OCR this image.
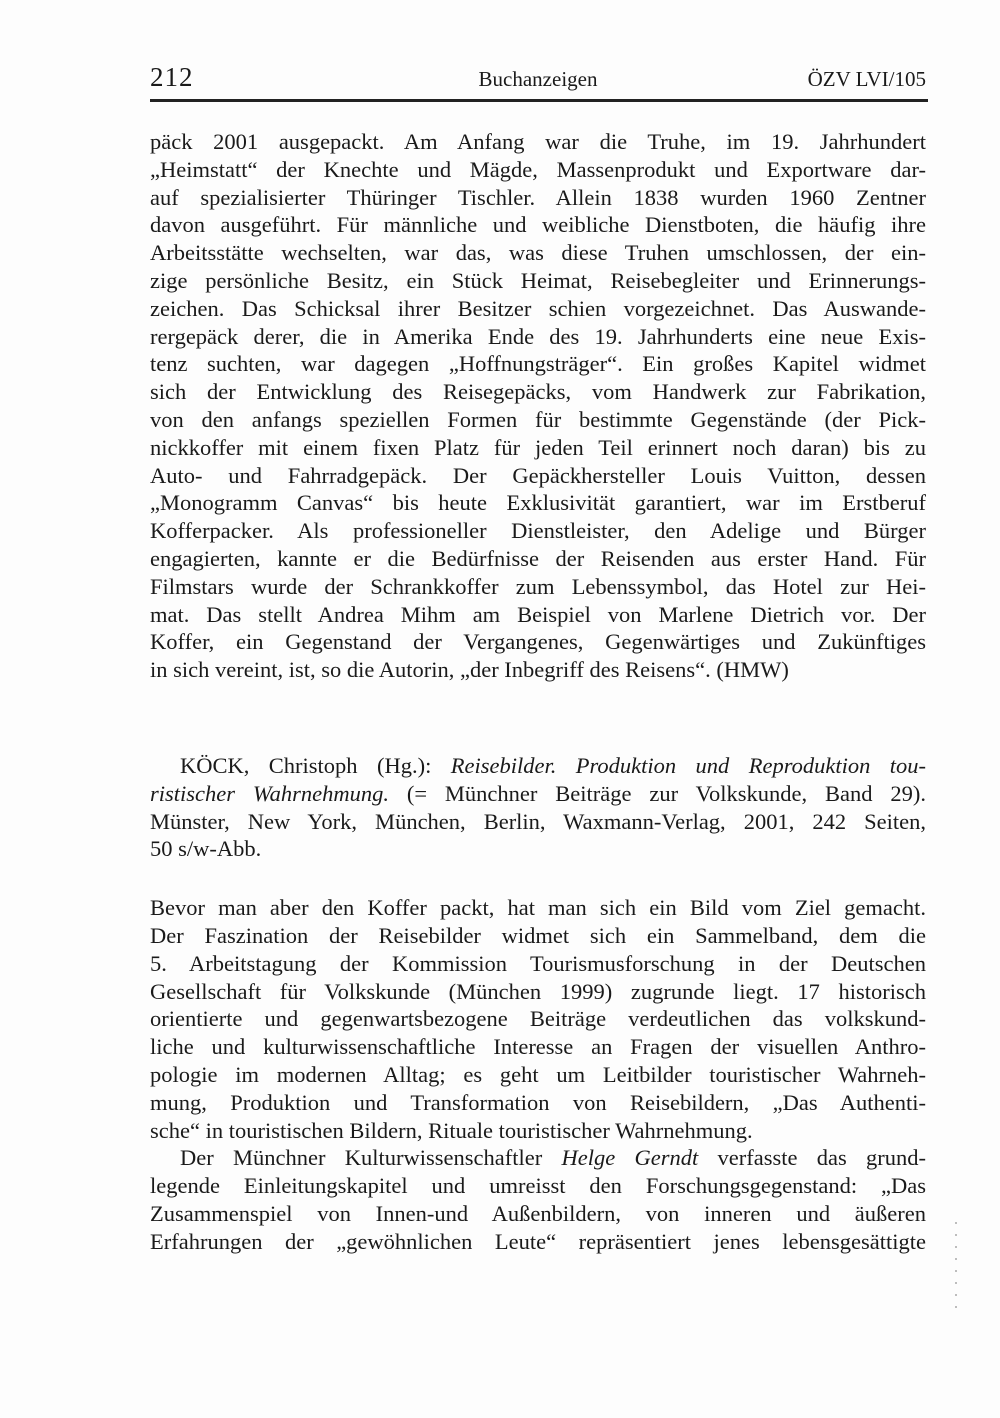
212	Buchanzeigen	ÖZV LVI/105
päck 2001 ausgepackt. Am Anfang war die Truhe, im 19. Jahrhundert
„Heimstatt“ der Knechte und Mägde, Massenprodukt und Exportware dar-
auf spezialisierter Thüringer Tischler. Allein 1838 wurden 1960 Zentner
davon ausgeführt. Für männliche und weibliche Dienstboten, die häufig ihre
Arbeitsstätte wechselten, war das, was diese Truhen umschlossen, der ein-
zige persönliche Besitz, ein Stück Heimat, Reisebegleiter und Erinnerungs-
zeichen. Das Schicksal ihrer Besitzer schien vorgezeichnet. Das Auswande-
rergepäck derer, die in Amerika Ende des 19. Jahrhunderts eine neue Exis-
tenz suchten, war dagegen „Hoffnungsträger“. Ein großes Kapitel widmet
sich der Entwicklung des Reisegepäcks, vom Handwerk zur Fabrikation,
von den anfangs speziellen Formen für bestimmte Gegenstände (der Pick-
nickkoffer mit einem fixen Platz für jeden Teil erinnert noch daran) bis zu
Auto- und Fahrradgepäck. Der Gepäckhersteller Louis Vuitton, dessen
„Monogramm Canvas“ bis heute Exklusivität garantiert, war im Erstberuf
Kofferpacker. Als professioneller Dienstleister, den Adelige und Bürger
engagierten, kannte er die Bedürfnisse der Reisenden aus erster Hand. Für
Filmstars wurde der Schrankkoffer zum Lebenssymbol, das Hotel zur Hei-
mat. Das stellt Andrea Mihm am Beispiel von Marlene Dietrich vor. Der
Koffer, ein Gegenstand der Vergangenes, Gegenwärtiges und Zukünftiges
in sich vereint, ist, so die Autorin, „der Inbegriff des Reisens“. (HMW)
KÖCK, Christoph (Hg.): Reisebilder. Produktion und Reproduktion tou-
ristischer Wahrnehmung. (= Münchner Beiträge zur Volkskunde, Band 29).
Münster, New York, München, Berlin, Waxmann-Verlag, 2001, 242 Seiten,
50 s/w-Abb.
Bevor man aber den Koffer packt, hat man sich ein Bild vom Ziel gemacht.
Der Faszination der Reisebilder widmet sich ein Sammelband, dem die
5. Arbeitstagung der Kommission Tourismusforschung in der Deutschen
Gesellschaft für Volkskunde (München 1999) zugrunde liegt. 17 historisch
orientierte und gegenwartsbezogene Beiträge verdeutlichen das volkskund-
liche und kulturwissenschaftliche Interesse an Fragen der visuellen Anthro-
pologie im modernen Alltag; es geht um Leitbilder touristischer Wahrneh-
mung, Produktion und Transformation von Reisebildern, „Das Authenti-
sche“ in touristischen Bildern, Rituale touristischer Wahrnehmung.
Der Münchner Kulturwissenschaftler Helge Gerndt verfasste das grund-
legende Einleitungskapitel und umreisst den Forschungsgegenstand: „Das
Zusammenspiel von Innen-und Außenbildern, von inneren und äußeren
Erfahrungen der „gewöhnlichen Leute“ repräsentiert jenes lebensgesättigte
